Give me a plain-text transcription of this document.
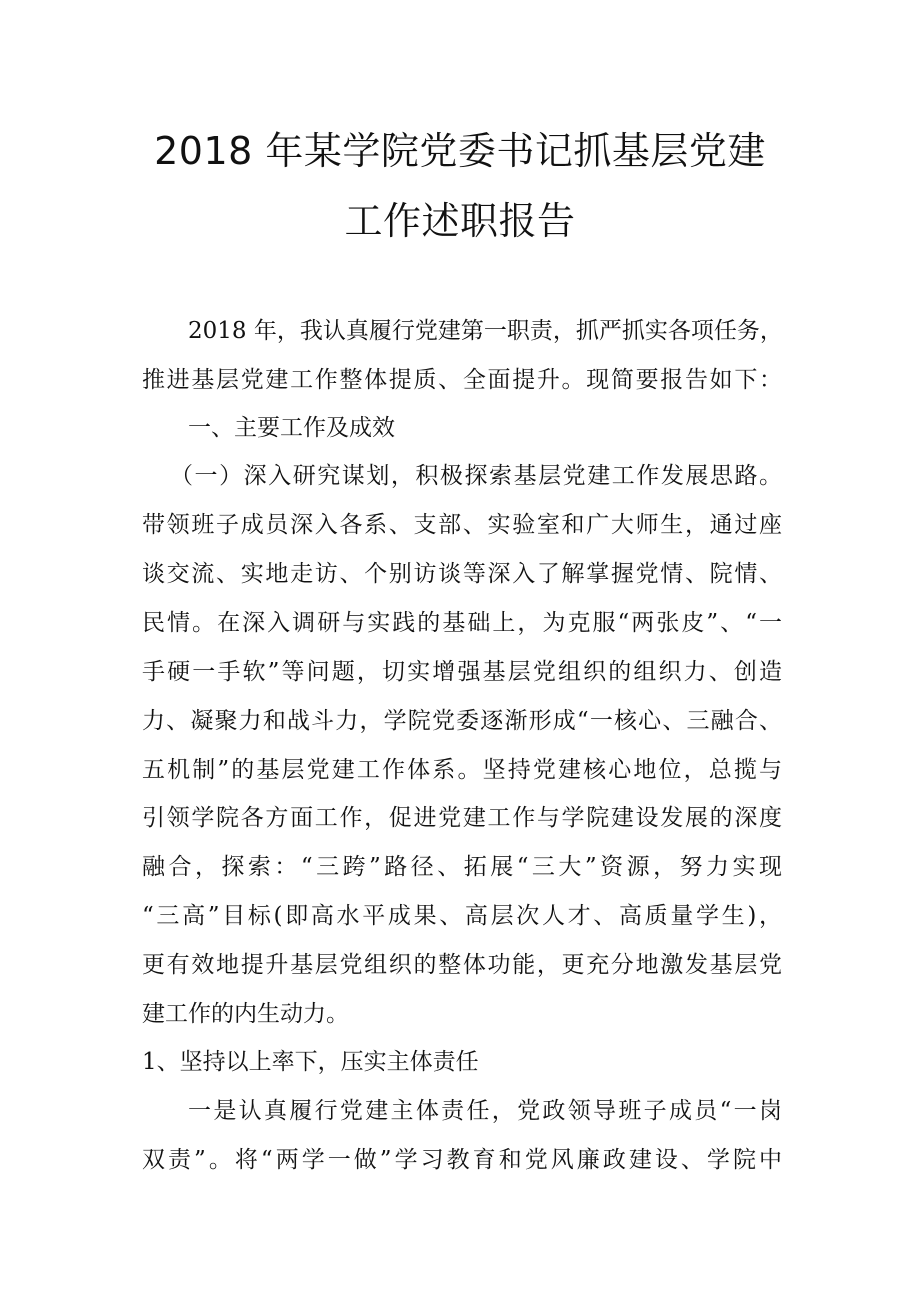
2018 年某学院党委书记抓基层党建
工作述职报告
2018 年，我认真履行党建第一职责，抓严抓实各项任务，
推进基层党建工作整体提质、全面提升。现简要报告如下：
一、主要工作及成效
（一）深入研究谋划，积极探索基层党建工作发展思路。
带领班子成员深入各系、支部、实验室和广大师生，通过座
谈交流、实地走访、个别访谈等深入了解掌握党情、院情、
民情。在深入调研与实践的基础上，为克服“两张皮”、“一
手硬一手软”等问题，切实增强基层党组织的组织力、创造
力、凝聚力和战斗力，学院党委逐渐形成“一核心、三融合、
五机制”的基层党建工作体系。坚持党建核心地位，总揽与
引领学院各方面工作，促进党建工作与学院建设发展的深度
融合，探索：“三跨”路径、拓展“三大”资源，努力实现
“三高”目标(即高水平成果、高层次人才、高质量学生)，
更有效地提升基层党组织的整体功能，更充分地激发基层党
建工作的内生动力。
1、坚持以上率下，压实主体责任
一是认真履行党建主体责任，党政领导班子成员“一岗
双责”。将“两学一做”学习教育和党风廉政建设、学院中
